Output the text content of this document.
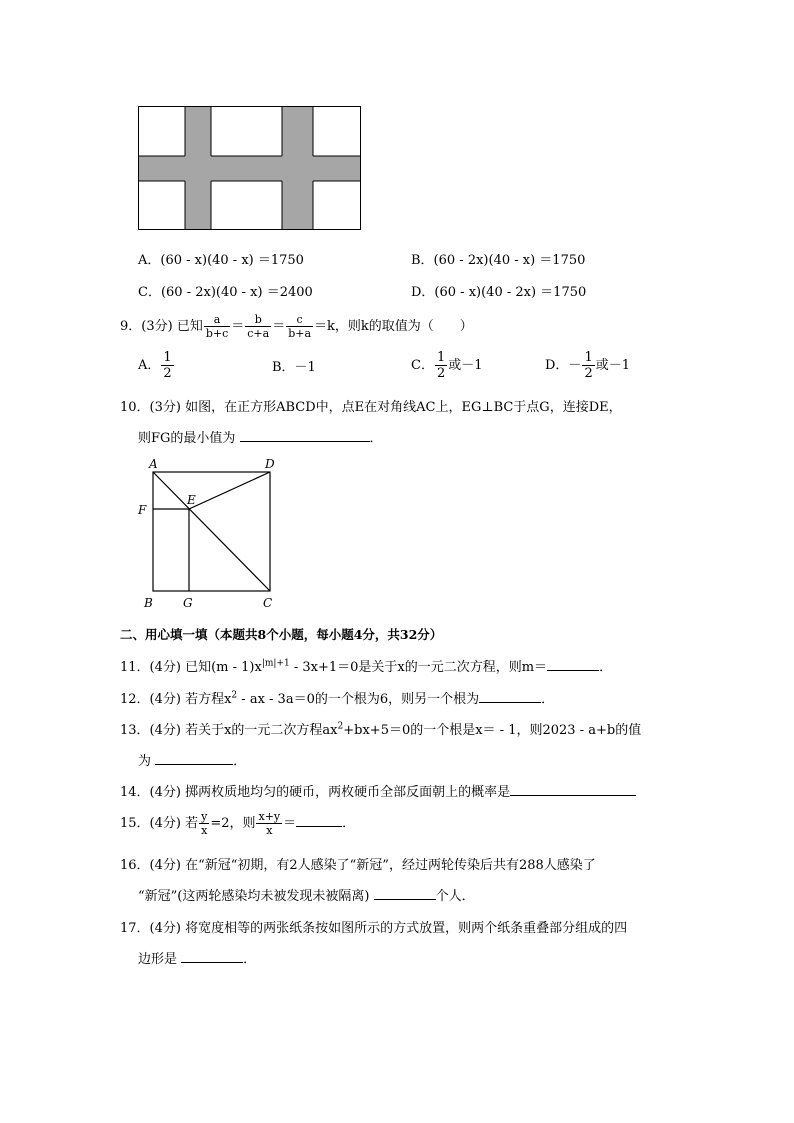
A．(60 - x)(40 - x) ＝1750	B．(60 - 2x)(40 - x) ＝1750
C．(60 - 2x)(40 - x) ＝2400	D．(60 - x)(40 - 2x) ＝1750
9．(3分) 已知 $\frac{a}{b+c} = \frac{b}{c+a} = \frac{c}{b+a} =k$，则k的取值为（　　）
A． $\frac{1}{2}$	B．－1	C． $\frac{1}{2}$ 或－1	D．－ $\frac{1}{2}$ 或－1
10．(3分) 如图，在正方形ABCD中，点E在对角线AC上，EG⊥BC于点G，连接DE，
则FG的最小值为	．
A	D
E
F
B	G	C
二、用心填一填（本题共8个小题，每小题4分，共32分）
11．(4分) 已知$(m - 1)x^{|m|+1} - 3x+1=0$是关于x的一元二次方程，则m＝	．
12．(4分) 若方程$x^2$ - ax - 3a＝0的一个根为6，则另一个根为	．
13．(4分) 若关于x的一元二次方程$ax^2+bx+5=0$的一个根是x＝ - 1，则2023 - a+b的值
为	．
14．(4分) 掷两枚质地均匀的硬币，两枚硬币全部反面朝上的概率是
15．(4分) 若 $\frac{y}{x} =2$，则 $\frac{x+y}{x}$ ＝	．
16．(4分) 在“新冠“初期，有2人感染了“新冠”，经过两轮传染后共有288人感染了
“新冠”(这两轮感染均未被发现未被隔离)	个人．
17．(4分) 将宽度相等的两张纸条按如图所示的方式放置，则两个纸条重叠部分组成的四
边形是	．
